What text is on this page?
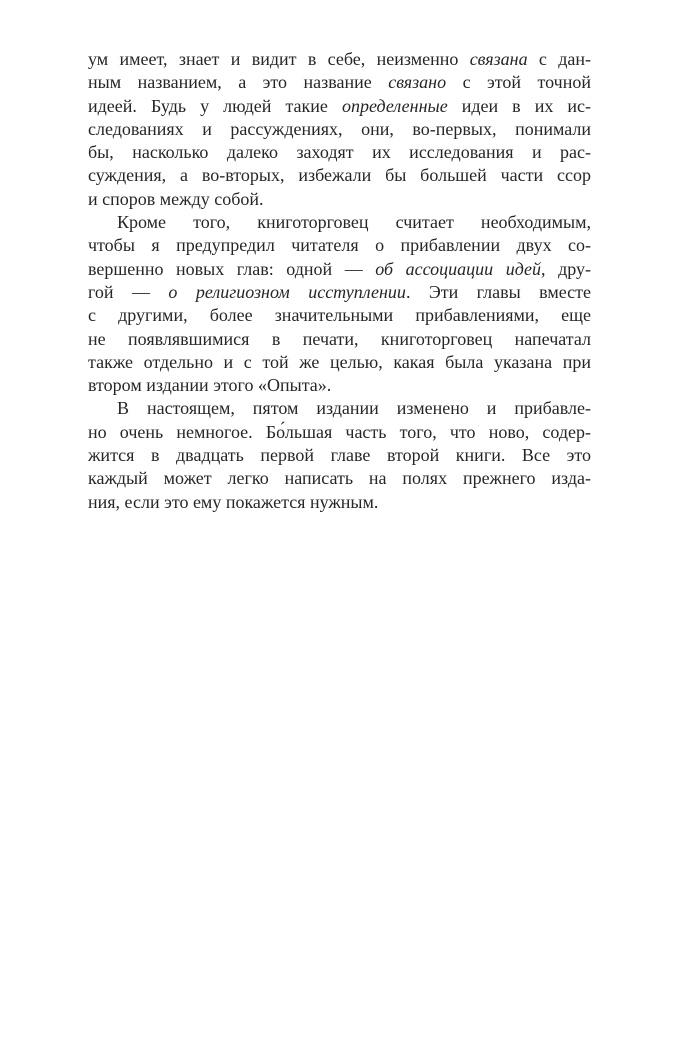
ум имеет, знает и видит в себе, неизменно связана с дан-
ным названием, а это название связано с этой точной
идеей. Будь у людей такие определенные идеи в их ис-
следованиях и рассуждениях, они, во-первых, понимали
бы, насколько далеко заходят их исследования и рас-
суждения, а во-вторых, избежали бы большей части ссор
и споров между собой.
Кроме того, книготорговец считает необходимым,
чтобы я предупредил читателя о прибавлении двух со-
вершенно новых глав: одной — об ассоциации идей, дру-
гой — о религиозном исступлении. Эти главы вместе
с другими, более значительными прибавлениями, еще
не появлявшимися в печати, книготорговец напечатал
также отдельно и с той же целью, какая была указана при
втором издании этого «Опыта».
В настоящем, пятом издании изменено и прибавле-
но очень немногое. Бо́льшая часть того, что ново, содер-
жится в двадцать первой главе второй книги. Все это
каждый может легко написать на полях прежнего изда-
ния, если это ему покажется нужным.
